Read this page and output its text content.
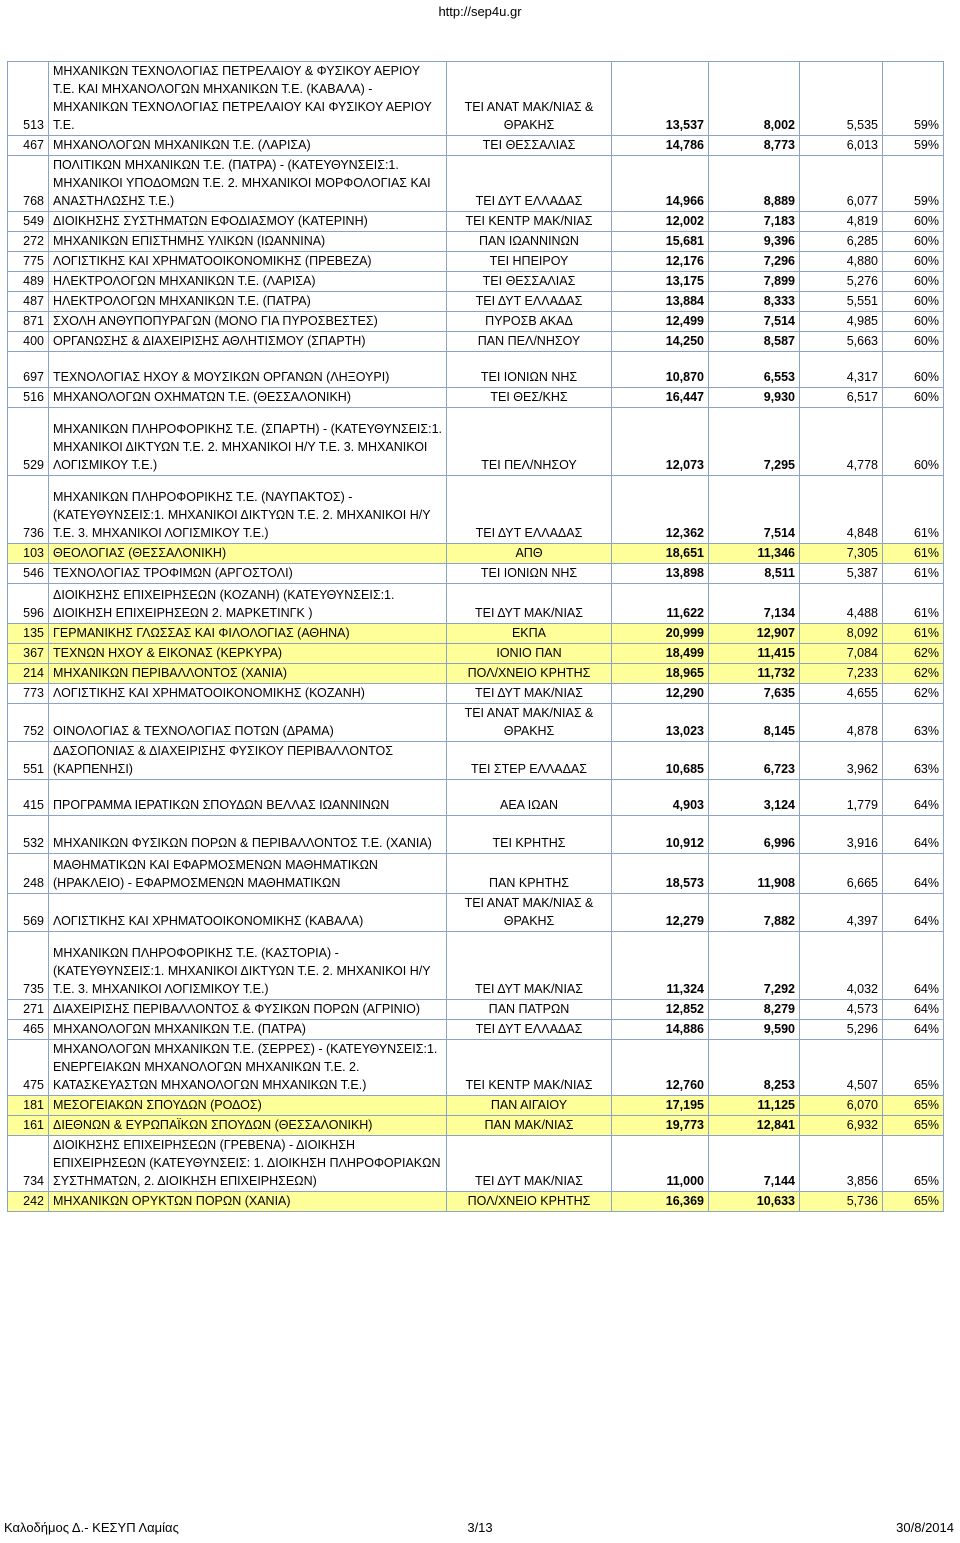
http://sep4u.gr
513	ΜΗΧΑΝΙΚΩΝ ΤΕΧΝΟΛΟΓΙΑΣ ΠΕΤΡΕΛΑΙΟΥ & ΦΥΣΙΚΟΥ ΑΕΡΙΟΥ Τ.Ε. ΚΑΙ ΜΗΧΑΝΟΛΟΓΩΝ ΜΗΧΑΝΙΚΩΝ Τ.Ε. (ΚΑΒΑΛΑ) - ΜΗΧΑΝΙΚΩΝ ΤΕΧΝΟΛΟΓΙΑΣ ΠΕΤΡΕΛΑΙΟΥ ΚΑΙ ΦΥΣΙΚΟΥ ΑΕΡΙΟΥ Τ.Ε.	ΤΕΙ ΑΝΑΤ ΜΑΚ/ΝΙΑΣ & ΘΡΑΚΗΣ	13,537	8,002	5,535	59%
467	ΜΗΧΑΝΟΛΟΓΩΝ ΜΗΧΑΝΙΚΩΝ Τ.Ε. (ΛΑΡΙΣΑ)	ΤΕΙ ΘΕΣΣΑΛΙΑΣ	14,786	8,773	6,013	59%
768	ΠΟΛΙΤΙΚΩΝ ΜΗΧΑΝΙΚΩΝ Τ.Ε. (ΠΑΤΡΑ) - (ΚΑΤΕΥΘΥΝΣΕΙΣ:1. ΜΗΧΑΝΙΚΟΙ ΥΠΟΔΟΜΩΝ Τ.Ε. 2. ΜΗΧΑΝΙΚΟΙ ΜΟΡΦΟΛΟΓΙΑΣ ΚΑΙ ΑΝΑΣΤΗΛΩΣΗΣ Τ.Ε.)	ΤΕΙ ΔΥΤ ΕΛΛΑΔΑΣ	14,966	8,889	6,077	59%
549	ΔΙΟΙΚΗΣΗΣ ΣΥΣΤΗΜΑΤΩΝ ΕΦΟΔΙΑΣΜΟΥ (ΚΑΤΕΡΙΝΗ)	ΤΕΙ ΚΕΝΤΡ ΜΑΚ/ΝΙΑΣ	12,002	7,183	4,819	60%
272	ΜΗΧΑΝΙΚΩΝ ΕΠΙΣΤΗΜΗΣ ΥΛΙΚΩΝ (ΙΩΑΝΝΙΝΑ)	ΠΑΝ ΙΩΑΝΝΙΝΩΝ	15,681	9,396	6,285	60%
775	ΛΟΓΙΣΤΙΚΗΣ ΚΑΙ ΧΡΗΜΑΤΟΟΙΚΟΝΟΜΙΚΗΣ (ΠΡΕΒΕΖΑ)	ΤΕΙ ΗΠΕΙΡΟΥ	12,176	7,296	4,880	60%
489	ΗΛΕΚΤΡΟΛΟΓΩΝ ΜΗΧΑΝΙΚΩΝ Τ.Ε. (ΛΑΡΙΣΑ)	ΤΕΙ ΘΕΣΣΑΛΙΑΣ	13,175	7,899	5,276	60%
487	ΗΛΕΚΤΡΟΛΟΓΩΝ ΜΗΧΑΝΙΚΩΝ Τ.Ε. (ΠΑΤΡΑ)	ΤΕΙ ΔΥΤ ΕΛΛΑΔΑΣ	13,884	8,333	5,551	60%
871	ΣΧΟΛΗ ΑΝΘΥΠΟΠΥΡΑΓΩΝ (ΜΟΝΟ ΓΙΑ ΠΥΡΟΣΒΕΣΤΕΣ)	ΠΥΡΟΣΒ ΑΚΑΔ	12,499	7,514	4,985	60%
400	ΟΡΓΑΝΩΣΗΣ & ΔΙΑΧΕΙΡΙΣΗΣ ΑΘΛΗΤΙΣΜΟΥ (ΣΠΑΡΤΗ)	ΠΑΝ ΠΕΛ/ΝΗΣΟΥ	14,250	8,587	5,663	60%
697	ΤΕΧΝΟΛΟΓΙΑΣ ΗΧΟΥ & ΜΟΥΣΙΚΩΝ ΟΡΓΑΝΩΝ (ΛΗΞΟΥΡΙ)	ΤΕΙ ΙΟΝΙΩΝ ΝΗΣ	10,870	6,553	4,317	60%
516	ΜΗΧΑΝΟΛΟΓΩΝ ΟΧΗΜΑΤΩΝ Τ.Ε. (ΘΕΣΣΑΛΟΝΙΚΗ)	ΤΕΙ ΘΕΣ/ΚΗΣ	16,447	9,930	6,517	60%
529	ΜΗΧΑΝΙΚΩΝ ΠΛΗΡΟΦΟΡΙΚΗΣ Τ.Ε. (ΣΠΑΡΤΗ) - (ΚΑΤΕΥΘΥΝΣΕΙΣ:1. ΜΗΧΑΝΙΚΟΙ ΔΙΚΤΥΩΝ Τ.Ε. 2. ΜΗΧΑΝΙΚΟΙ Η/Υ Τ.Ε. 3. ΜΗΧΑΝΙΚΟΙ ΛΟΓΙΣΜΙΚΟΥ Τ.Ε.)	ΤΕΙ ΠΕΛ/ΝΗΣΟΥ	12,073	7,295	4,778	60%
736	ΜΗΧΑΝΙΚΩΝ ΠΛΗΡΟΦΟΡΙΚΗΣ Τ.Ε. (ΝΑΥΠΑΚΤΟΣ) - (ΚΑΤΕΥΘΥΝΣΕΙΣ:1. ΜΗΧΑΝΙΚΟΙ ΔΙΚΤΥΩΝ Τ.Ε. 2. ΜΗΧΑΝΙΚΟΙ Η/Υ Τ.Ε. 3. ΜΗΧΑΝΙΚΟΙ ΛΟΓΙΣΜΙΚΟΥ Τ.Ε.)	ΤΕΙ ΔΥΤ ΕΛΛΑΔΑΣ	12,362	7,514	4,848	61%
103	ΘΕΟΛΟΓΙΑΣ (ΘΕΣΣΑΛΟΝΙΚΗ)	ΑΠΘ	18,651	11,346	7,305	61%
546	ΤΕΧΝΟΛΟΓΙΑΣ ΤΡΟΦΙΜΩΝ (ΑΡΓΟΣΤΟΛΙ)	ΤΕΙ ΙΟΝΙΩΝ ΝΗΣ	13,898	8,511	5,387	61%
596	ΔΙΟΙΚΗΣΗΣ ΕΠΙΧΕΙΡΗΣΕΩΝ (ΚΟΖΑΝΗ) (ΚΑΤΕΥΘΥΝΣΕΙΣ:1. ΔΙΟΙΚΗΣΗ ΕΠΙΧΕΙΡΗΣΕΩΝ 2. ΜΑΡΚΕΤΙΝΓΚ )	ΤΕΙ ΔΥΤ ΜΑΚ/ΝΙΑΣ	11,622	7,134	4,488	61%
135	ΓΕΡΜΑΝΙΚΗΣ ΓΛΩΣΣΑΣ ΚΑΙ ΦΙΛΟΛΟΓΙΑΣ (ΑΘΗΝΑ)	ΕΚΠΑ	20,999	12,907	8,092	61%
367	ΤΕΧΝΩΝ ΗΧΟΥ & ΕΙΚΟΝΑΣ (ΚΕΡΚΥΡΑ)	ΙΟΝΙΟ ΠΑΝ	18,499	11,415	7,084	62%
214	ΜΗΧΑΝΙΚΩΝ ΠΕΡΙΒΑΛΛΟΝΤΟΣ (ΧΑΝΙΑ)	ΠΟΛ/ΧΝΕΙΟ ΚΡΗΤΗΣ	18,965	11,732	7,233	62%
773	ΛΟΓΙΣΤΙΚΗΣ ΚΑΙ ΧΡΗΜΑΤΟΟΙΚΟΝΟΜΙΚΗΣ (ΚΟΖΑΝΗ)	ΤΕΙ ΔΥΤ ΜΑΚ/ΝΙΑΣ	12,290	7,635	4,655	62%
752	ΟΙΝΟΛΟΓΙΑΣ & ΤΕΧΝΟΛΟΓΙΑΣ ΠΟΤΩΝ (ΔΡΑΜΑ)	ΤΕΙ ΑΝΑΤ ΜΑΚ/ΝΙΑΣ & ΘΡΑΚΗΣ	13,023	8,145	4,878	63%
551	ΔΑΣΟΠΟΝΙΑΣ & ΔΙΑΧΕΙΡΙΣΗΣ ΦΥΣΙΚΟΥ ΠΕΡΙΒΑΛΛΟΝΤΟΣ (ΚΑΡΠΕΝΗΣΙ)	ΤΕΙ ΣΤΕΡ ΕΛΛΑΔΑΣ	10,685	6,723	3,962	63%
415	ΠΡΟΓΡΑΜΜΑ ΙΕΡΑΤΙΚΩΝ ΣΠΟΥΔΩΝ ΒΕΛΛΑΣ ΙΩΑΝΝΙΝΩΝ	ΑΕΑ ΙΩΑΝ	4,903	3,124	1,779	64%
532	ΜΗΧΑΝΙΚΩΝ ΦΥΣΙΚΩΝ ΠΟΡΩΝ & ΠΕΡΙΒΑΛΛΟΝΤΟΣ Τ.Ε. (ΧΑΝΙΑ)	ΤΕΙ ΚΡΗΤΗΣ	10,912	6,996	3,916	64%
248	ΜΑΘΗΜΑΤΙΚΩΝ ΚΑΙ ΕΦΑΡΜΟΣΜΕΝΩΝ ΜΑΘΗΜΑΤΙΚΩΝ (ΗΡΑΚΛΕΙΟ) - ΕΦΑΡΜΟΣΜΕΝΩΝ ΜΑΘΗΜΑΤΙΚΩΝ	ΠΑΝ ΚΡΗΤΗΣ	18,573	11,908	6,665	64%
569	ΛΟΓΙΣΤΙΚΗΣ ΚΑΙ ΧΡΗΜΑΤΟΟΙΚΟΝΟΜΙΚΗΣ (ΚΑΒΑΛΑ)	ΤΕΙ ΑΝΑΤ ΜΑΚ/ΝΙΑΣ & ΘΡΑΚΗΣ	12,279	7,882	4,397	64%
735	ΜΗΧΑΝΙΚΩΝ ΠΛΗΡΟΦΟΡΙΚΗΣ Τ.Ε. (ΚΑΣΤΟΡΙΑ) - (ΚΑΤΕΥΘΥΝΣΕΙΣ:1. ΜΗΧΑΝΙΚΟΙ ΔΙΚΤΥΩΝ Τ.Ε. 2. ΜΗΧΑΝΙΚΟΙ Η/Υ Τ.Ε. 3. ΜΗΧΑΝΙΚΟΙ ΛΟΓΙΣΜΙΚΟΥ Τ.Ε.)	ΤΕΙ ΔΥΤ ΜΑΚ/ΝΙΑΣ	11,324	7,292	4,032	64%
271	ΔΙΑΧΕΙΡΙΣΗΣ ΠΕΡΙΒΑΛΛΟΝΤΟΣ & ΦΥΣΙΚΩΝ ΠΟΡΩΝ (ΑΓΡΙΝΙΟ)	ΠΑΝ ΠΑΤΡΩΝ	12,852	8,279	4,573	64%
465	ΜΗΧΑΝΟΛΟΓΩΝ ΜΗΧΑΝΙΚΩΝ Τ.Ε. (ΠΑΤΡΑ)	ΤΕΙ ΔΥΤ ΕΛΛΑΔΑΣ	14,886	9,590	5,296	64%
475	ΜΗΧΑΝΟΛΟΓΩΝ ΜΗΧΑΝΙΚΩΝ Τ.Ε. (ΣΕΡΡΕΣ) - (ΚΑΤΕΥΘΥΝΣΕΙΣ:1. ΕΝΕΡΓΕΙΑΚΩΝ ΜΗΧΑΝΟΛΟΓΩΝ ΜΗΧΑΝΙΚΩΝ Τ.Ε. 2. ΚΑΤΑΣΚΕΥΑΣΤΩΝ ΜΗΧΑΝΟΛΟΓΩΝ ΜΗΧΑΝΙΚΩΝ Τ.Ε.)	ΤΕΙ ΚΕΝΤΡ ΜΑΚ/ΝΙΑΣ	12,760	8,253	4,507	65%
181	ΜΕΣΟΓΕΙΑΚΩΝ ΣΠΟΥΔΩΝ (ΡΟΔΟΣ)	ΠΑΝ ΑΙΓΑΙΟΥ	17,195	11,125	6,070	65%
161	ΔΙΕΘΝΩΝ & ΕΥΡΩΠΑΪΚΩΝ ΣΠΟΥΔΩΝ (ΘΕΣΣΑΛΟΝΙΚΗ)	ΠΑΝ ΜΑΚ/ΝΙΑΣ	19,773	12,841	6,932	65%
734	ΔΙΟΙΚΗΣΗΣ ΕΠΙΧΕΙΡΗΣΕΩΝ (ΓΡΕΒΕΝΑ) - ΔΙΟΙΚΗΣΗ ΕΠΙΧΕΙΡΗΣΕΩΝ (ΚΑΤΕΥΘΥΝΣΕΙΣ: 1. ΔΙΟΙΚΗΣΗ ΠΛΗΡΟΦΟΡΙΑΚΩΝ ΣΥΣΤΗΜΑΤΩΝ, 2. ΔΙΟΙΚΗΣΗ ΕΠΙΧΕΙΡΗΣΕΩΝ)	ΤΕΙ ΔΥΤ ΜΑΚ/ΝΙΑΣ	11,000	7,144	3,856	65%
242	ΜΗΧΑΝΙΚΩΝ ΟΡΥΚΤΩΝ ΠΟΡΩΝ (ΧΑΝΙΑ)	ΠΟΛ/ΧΝΕΙΟ ΚΡΗΤΗΣ	16,369	10,633	5,736	65%
Καλοδήμος Δ.- ΚΕΣΥΠ Λαμίας	3/13	30/8/2014
